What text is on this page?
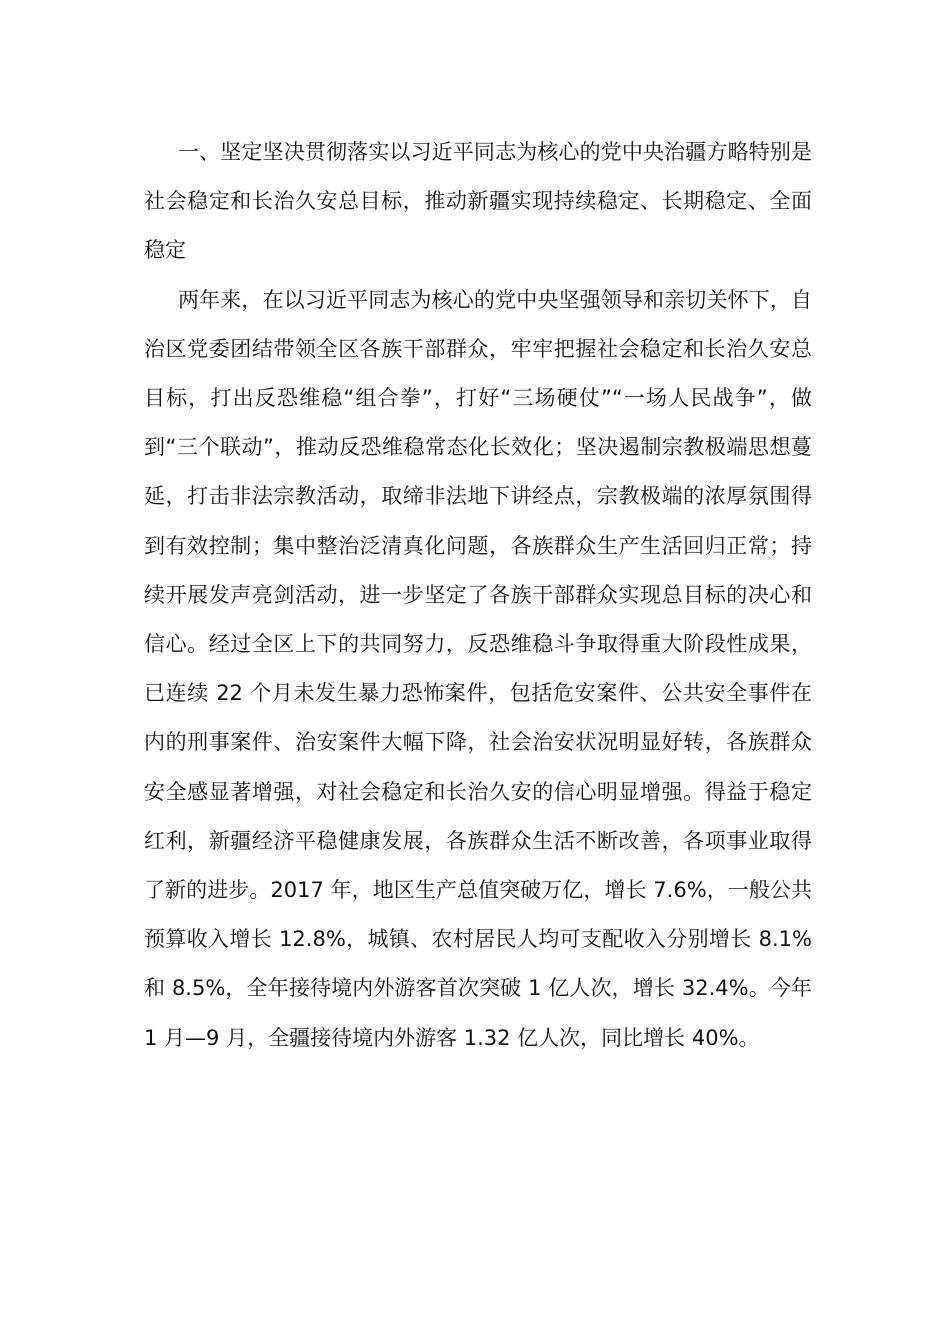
一、坚定坚决贯彻落实以习近平同志为核心的党中央治疆方略特别是社会稳定和长治久安总目标，推动新疆实现持续稳定、长期稳定、全面稳定

两年来，在以习近平同志为核心的党中央坚强领导和亲切关怀下，自治区党委团结带领全区各族干部群众，牢牢把握社会稳定和长治久安总目标，打出反恐维稳“组合拳”，打好“三场硬仗”“一场人民战争”，做到“三个联动”，推动反恐维稳常态化长效化；坚决遏制宗教极端思想蔓延，打击非法宗教活动，取缔非法地下讲经点，宗教极端的浓厚氛围得到有效控制；集中整治泛清真化问题，各族群众生产生活回归正常；持续开展发声亮剑活动，进一步坚定了各族干部群众实现总目标的决心和信心。经过全区上下的共同努力，反恐维稳斗争取得重大阶段性成果，已连续 22 个月未发生暴力恐怖案件，包括危安案件、公共安全事件在内的刑事案件、治安案件大幅下降，社会治安状况明显好转，各族群众安全感显著增强，对社会稳定和长治久安的信心明显增强。得益于稳定红利，新疆经济平稳健康发展，各族群众生活不断改善，各项事业取得了新的进步。2017 年，地区生产总值突破万亿，增长 7.6%，一般公共预算收入增长 12.8%，城镇、农村居民人均可支配收入分别增长 8.1%和 8.5%，全年接待境内外游客首次突破 1 亿人次，增长 32.4%。今年 1 月—9 月，全疆接待境内外游客 1.32 亿人次，同比增长 40%。
